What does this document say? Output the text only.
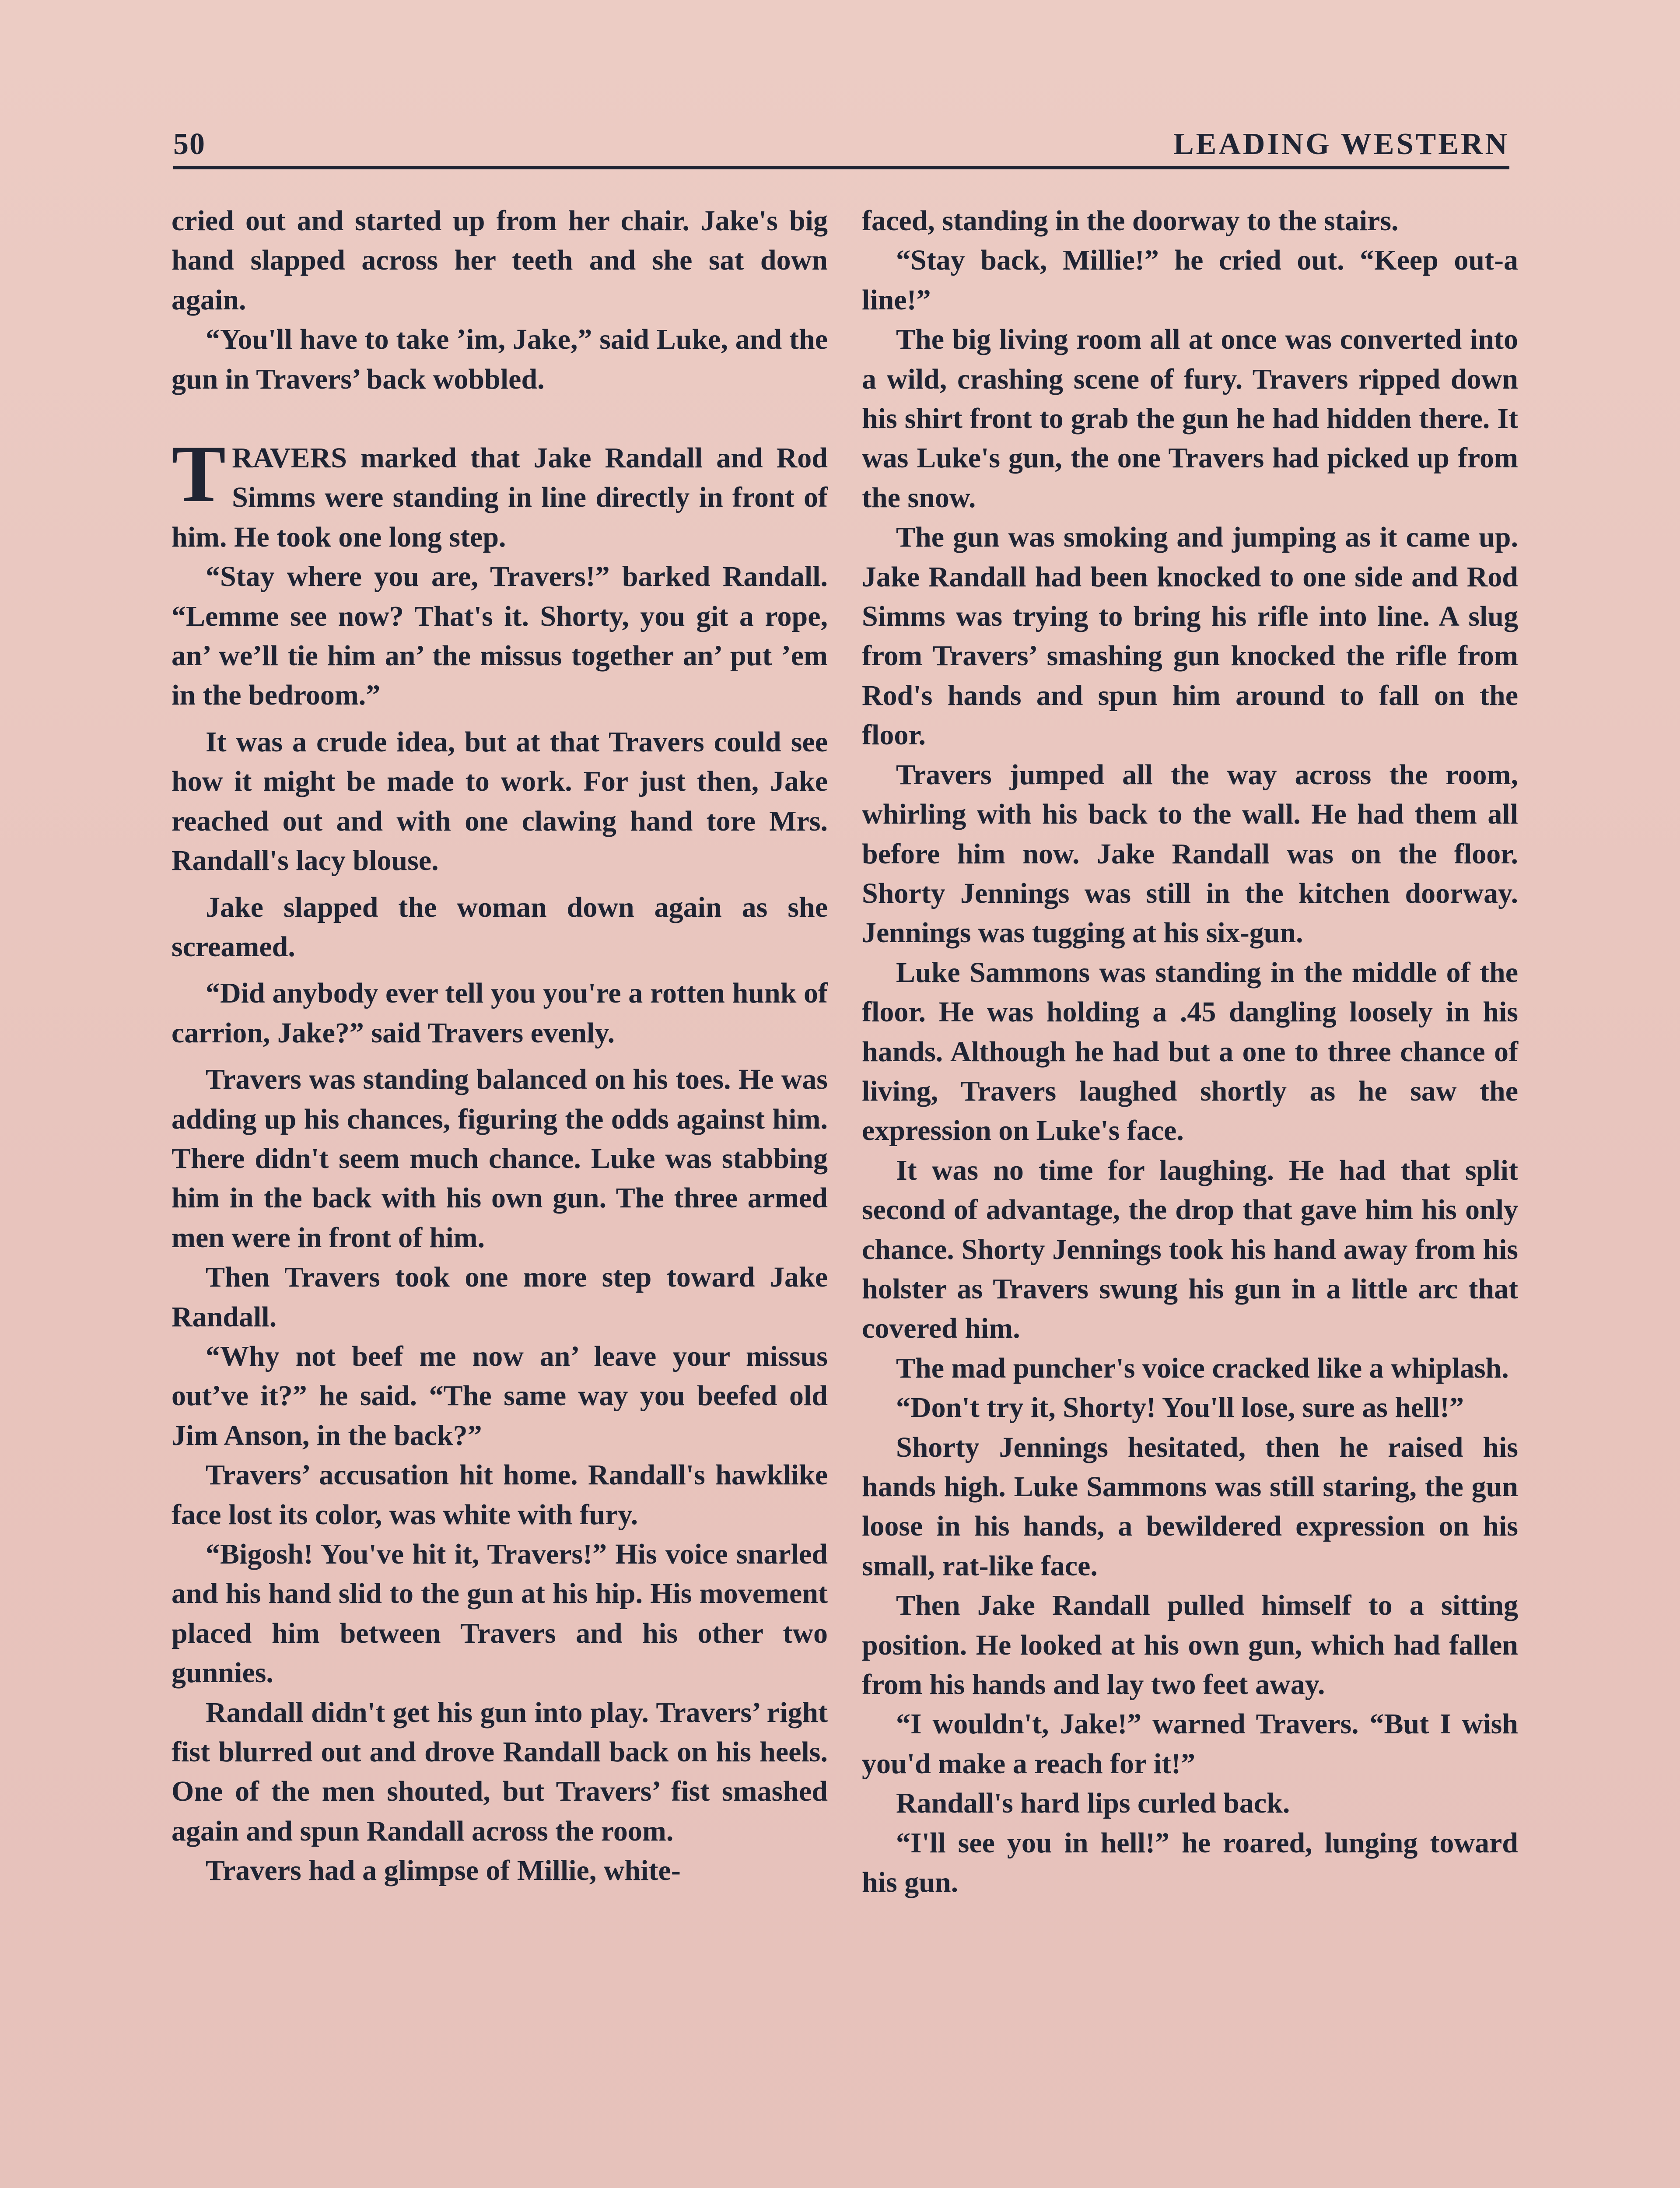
50	LEADING WESTERN

cried out and started up from her chair. Jake's big hand slapped across her teeth and she sat down again.

“You'll have to take ’im, Jake,” said Luke, and the gun in Travers’ back wobbled.

TRAVERS marked that Jake Randall and Rod Simms were standing in line directly in front of him. He took one long step.

“Stay where you are, Travers!” barked Randall. “Lemme see now? That's it. Shorty, you git a rope, an’ we’ll tie him an’ the missus together an’ put ’em in the bedroom.”

It was a crude idea, but at that Travers could see how it might be made to work. For just then, Jake reached out and with one clawing hand tore Mrs. Randall's lacy blouse.

Jake slapped the woman down again as she screamed.

“Did anybody ever tell you you're a rotten hunk of carrion, Jake?” said Travers evenly.

Travers was standing balanced on his toes. He was adding up his chances, figuring the odds against him. There didn't seem much chance. Luke was stabbing him in the back with his own gun. The three armed men were in front of him.

Then Travers took one more step toward Jake Randall.

“Why not beef me now an’ leave your missus out’ve it?” he said. “The same way you beefed old Jim Anson, in the back?”

Travers’ accusation hit home. Randall's hawklike face lost its color, was white with fury.

“Bigosh! You've hit it, Travers!” His voice snarled and his hand slid to the gun at his hip. His movement placed him between Travers and his other two gunnies.

Randall didn't get his gun into play. Travers’ right fist blurred out and drove Randall back on his heels. One of the men shouted, but Travers’ fist smashed again and spun Randall across the room.

Travers had a glimpse of Millie, white-

faced, standing in the doorway to the stairs.

“Stay back, Millie!” he cried out. “Keep out-a line!”

The big living room all at once was converted into a wild, crashing scene of fury. Travers ripped down his shirt front to grab the gun he had hidden there. It was Luke's gun, the one Travers had picked up from the snow.

The gun was smoking and jumping as it came up. Jake Randall had been knocked to one side and Rod Simms was trying to bring his rifle into line. A slug from Travers’ smashing gun knocked the rifle from Rod's hands and spun him around to fall on the floor.

Travers jumped all the way across the room, whirling with his back to the wall. He had them all before him now. Jake Randall was on the floor. Shorty Jennings was still in the kitchen doorway. Jennings was tugging at his six-gun.

Luke Sammons was standing in the middle of the floor. He was holding a .45 dangling loosely in his hands. Although he had but a one to three chance of living, Travers laughed shortly as he saw the expression on Luke's face.

It was no time for laughing. He had that split second of advantage, the drop that gave him his only chance. Shorty Jennings took his hand away from his holster as Travers swung his gun in a little arc that covered him.

The mad puncher's voice cracked like a whiplash.

“Don't try it, Shorty! You'll lose, sure as hell!”

Shorty Jennings hesitated, then he raised his hands high. Luke Sammons was still staring, the gun loose in his hands, a bewildered expression on his small, rat-like face.

Then Jake Randall pulled himself to a sitting position. He looked at his own gun, which had fallen from his hands and lay two feet away.

“I wouldn't, Jake!” warned Travers. “But I wish you'd make a reach for it!”

Randall's hard lips curled back.

“I'll see you in hell!” he roared, lunging toward his gun.
